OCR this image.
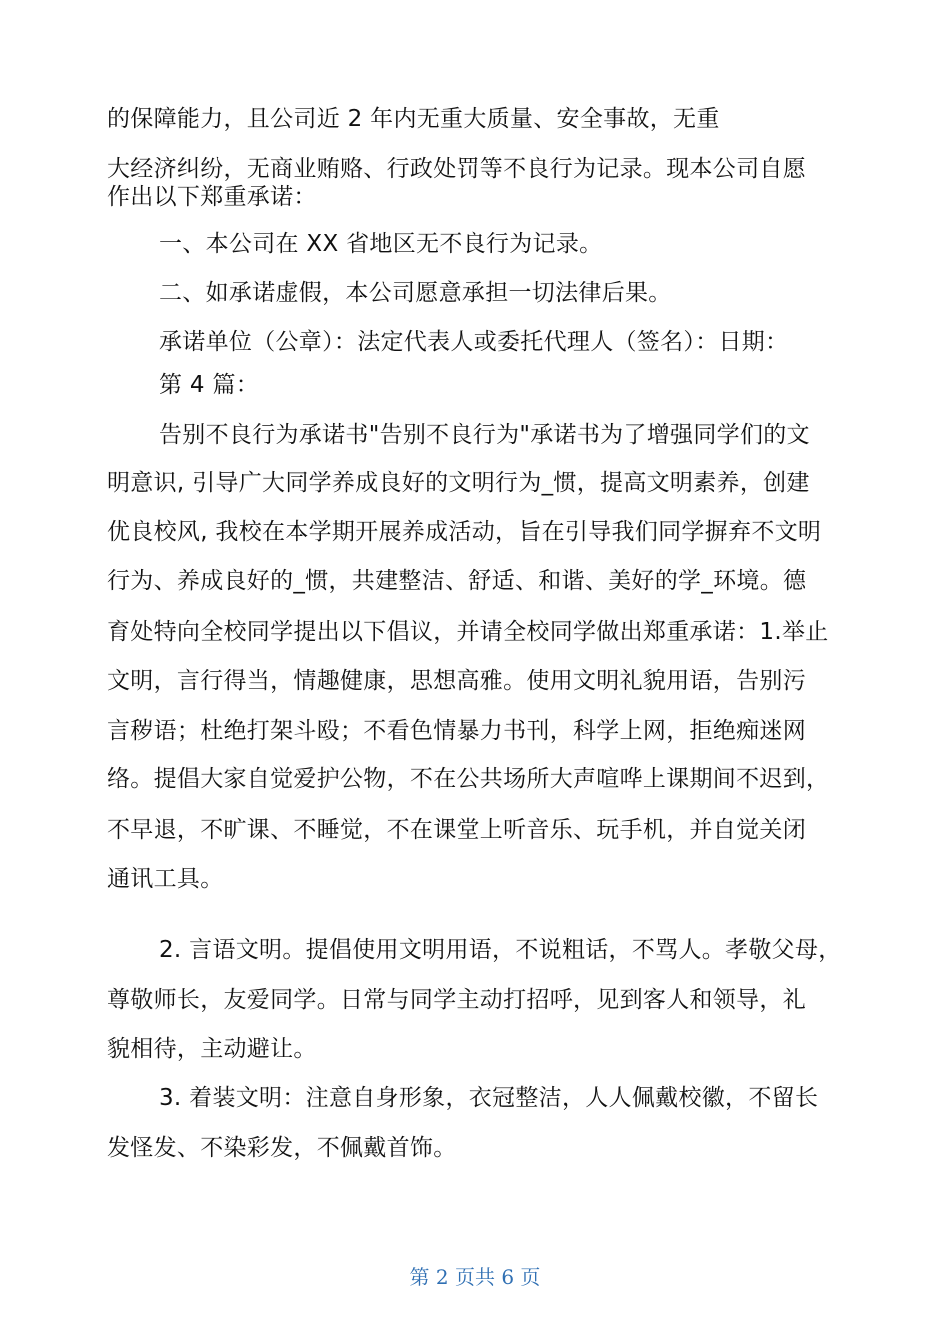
的保障能力，且公司近 2 年内无重大质量、安全事故，无重
大经济纠纷，无商业贿赂、行政处罚等不良行为记录。现本公司自愿
作出以下郑重承诺：
一、本公司在 XX 省地区无不良行为记录。
二、如承诺虚假，本公司愿意承担一切法律后果。
承诺单位（公章）：法定代表人或委托代理人（签名）：日期：
第 4 篇：
告别不良行为承诺书"告别不良行为"承诺书为了增强同学们的文
明意识, 引导广大同学养成良好的文明行为_惯，提高文明素养，创建
优良校风, 我校在本学期开展养成活动，旨在引导我们同学摒弃不文明
行为、养成良好的_惯，共建整洁、舒适、和谐、美好的学_环境。德
育处特向全校同学提出以下倡议，并请全校同学做出郑重承诺：1.举止
文明，言行得当，情趣健康，思想高雅。使用文明礼貌用语，告别污
言秽语；杜绝打架斗殴；不看色情暴力书刊，科学上网，拒绝痴迷网
络。提倡大家自觉爱护公物，不在公共场所大声喧哗上课期间不迟到，
不早退，不旷课、不睡觉，不在课堂上听音乐、玩手机，并自觉关闭
通讯工具。
2. 言语文明。提倡使用文明用语，不说粗话，不骂人。孝敬父母，
尊敬师长，友爱同学。日常与同学主动打招呼，见到客人和领导，礼
貌相待，主动避让。
3. 着装文明：注意自身形象，衣冠整洁，人人佩戴校徽，不留长
发怪发、不染彩发，不佩戴首饰。
第 2 页共 6 页
